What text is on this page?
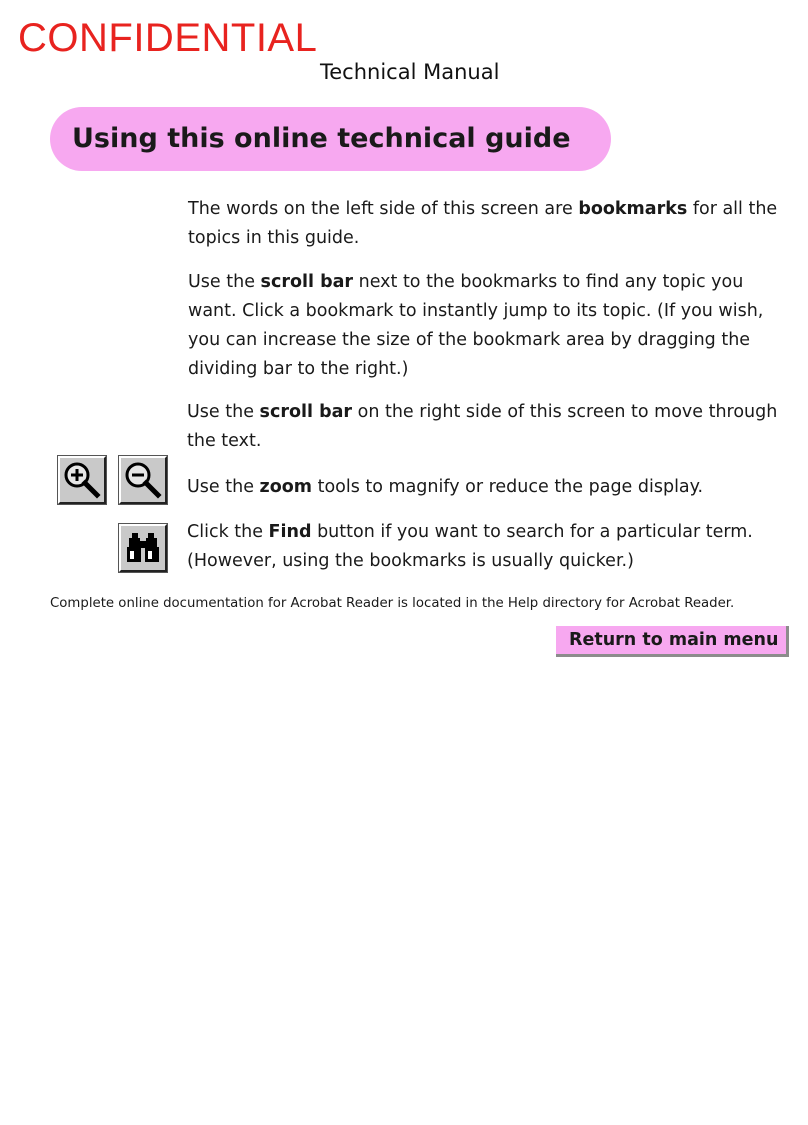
CONFIDENTIAL
Technical Manual
Using this online technical guide
The words on the left side of this screen are bookmarks for all the topics in this guide.
Use the scroll bar next to the bookmarks to find any topic you want. Click a bookmark to instantly jump to its topic. (If you wish, you can increase the size of the bookmark area by dragging the dividing bar to the right.)
Use the scroll bar on the right side of this screen to move through the text.
Use the zoom tools to magnify or reduce the page display.
Click the Find button if you want to search for a particular term. (However, using the bookmarks is usually quicker.)
Complete online documentation for Acrobat Reader is located in the Help directory for Acrobat Reader.
Return to main menu
